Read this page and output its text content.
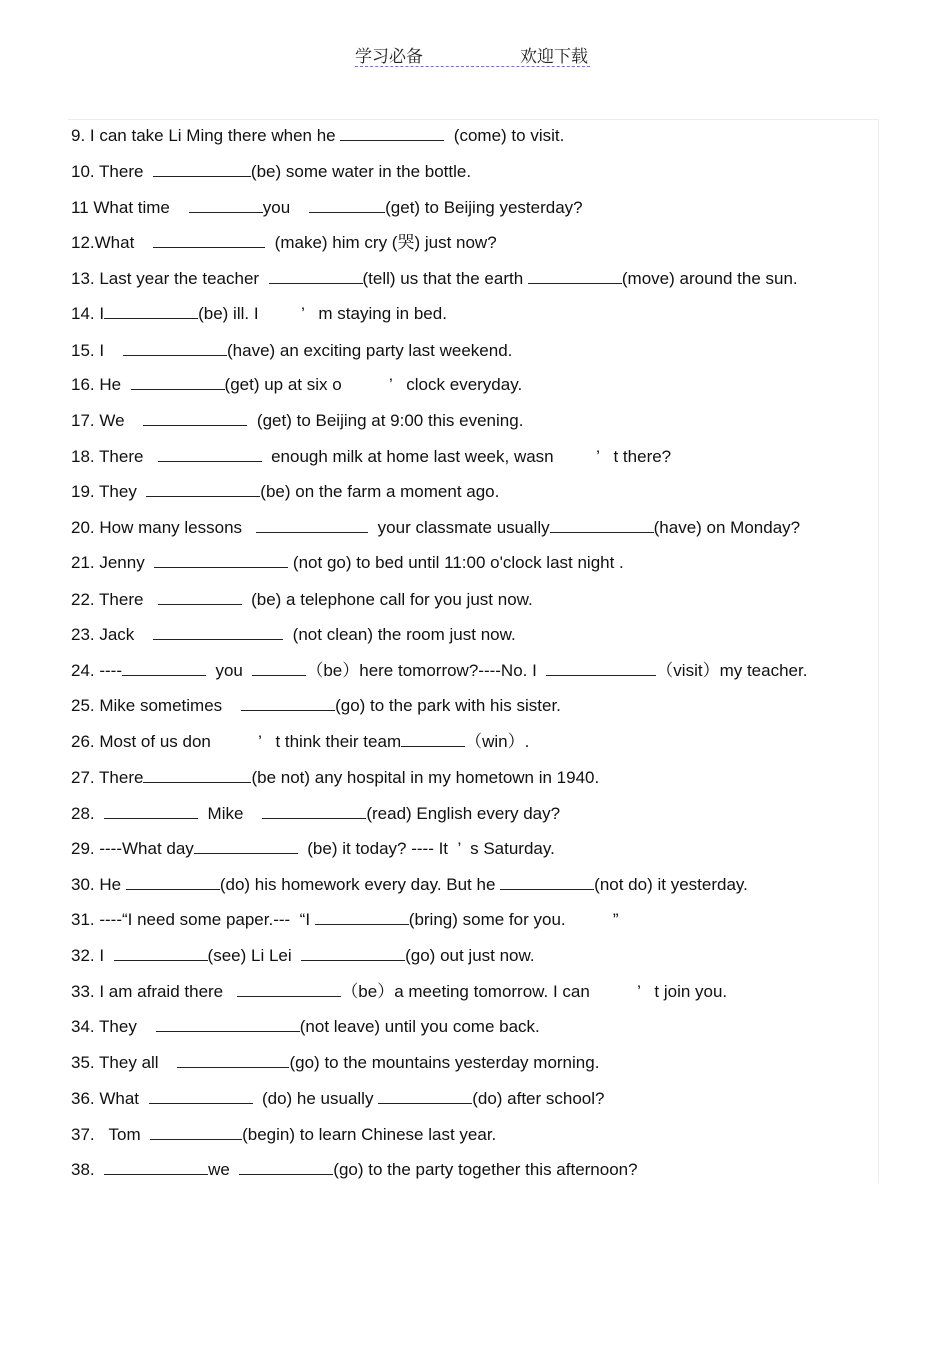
学习必备	欢迎下载
9. I can take Li Ming there when he	(come) to visit.
10. There	(be) some water in the bottle.
11 What time	you	(get) to Beijing yesterday?
12.What	(make) him cry (哭) just now?
13. Last year the teacher	(tell) us that the earth	(move) around the sun.
14. I	(be) ill. I	’ m staying in bed.
15. I	(have) an exciting party last weekend.
16. He	(get) up at six o	’ clock everyday.
17. We	(get) to Beijing at 9:00 this evening.
18. There	enough milk at home last week, wasn	’ t there?
19. They	(be) on the farm a moment ago.
20. How many lessons	your classmate usually	(have) on Monday?
21. Jenny	(not go) to bed until 11:00 o'clock last night .
22. There	(be) a telephone call for you just now.
23. Jack	(not clean) the room just now.
24. ----	you	（be）here tomorrow?----No. I	（visit）my teacher.
25. Mike sometimes	(go) to the park with his sister.
26. Most of us don	’ t think their team	（win）.
27. There	(be not) any hospital in my hometown in 1940.
28.	Mike	(read) English every day?
29. ----What day	(be) it today? ---- It ’ s Saturday.
30. He	(do) his homework every day. But he	(not do) it yesterday.
31. ----“I need some paper.--- “I	(bring) some for you.	”
32. I	(see) Li Lei	(go) out just now.
33. I am afraid there	（be）a meeting tomorrow. I can	’ t join you.
34. They	(not leave) until you come back.
35. They all	(go) to the mountains yesterday morning.
36. What	(do) he usually	(do) after school?
37.   Tom	(begin) to learn Chinese last year.
38.	we	(go) to the party together this afternoon?
